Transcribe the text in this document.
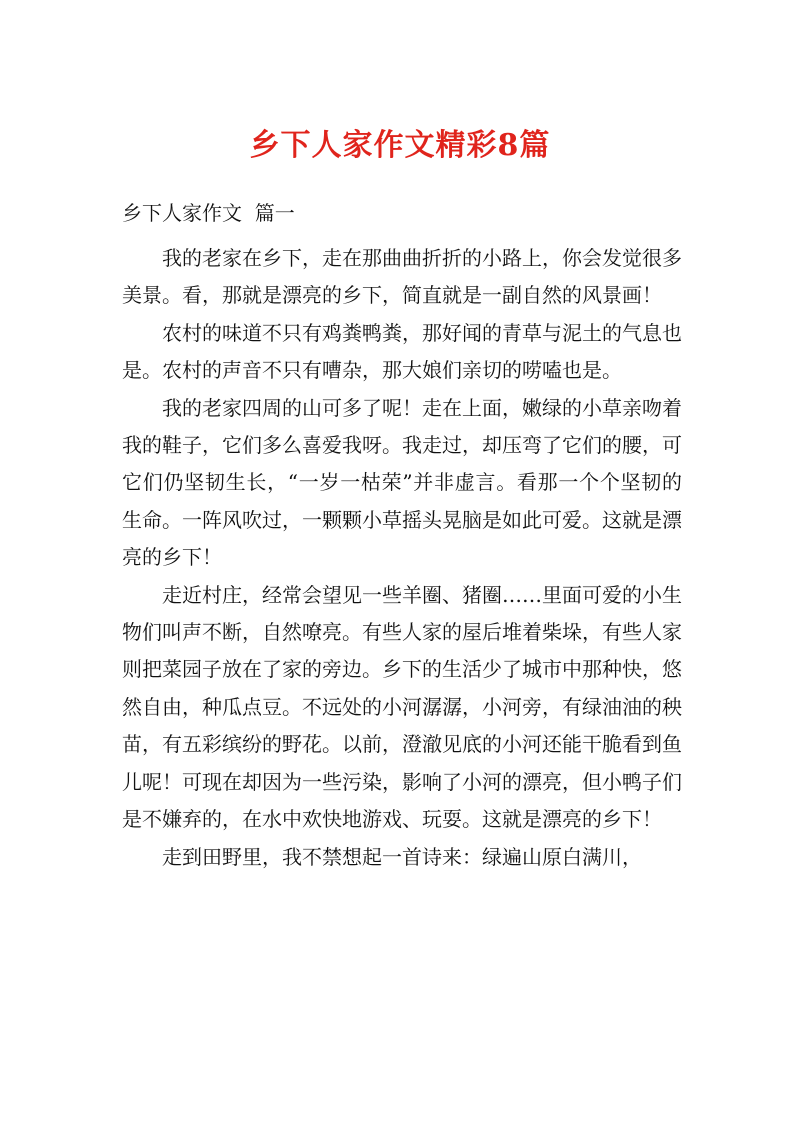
乡下人家作文精彩8篇
乡下人家作文  篇一

我的老家在乡下，走在那曲曲折折的小路上，你会发觉很多美景。看，那就是漂亮的乡下，简直就是一副自然的风景画！

农村的味道不只有鸡粪鸭粪，那好闻的青草与泥土的气息也是。农村的声音不只有嘈杂，那大娘们亲切的唠嗑也是。

我的老家四周的山可多了呢！走在上面，嫩绿的小草亲吻着我的鞋子，它们多么喜爱我呀。我走过，却压弯了它们的腰，可它们仍坚韧生长，“一岁一枯荣”并非虚言。看那一个个坚韧的生命。一阵风吹过，一颗颗小草摇头晃脑是如此可爱。这就是漂亮的乡下！

走近村庄，经常会望见一些羊圈、猪圈……里面可爱的小生物们叫声不断，自然嘹亮。有些人家的屋后堆着柴垛，有些人家则把菜园子放在了家的旁边。乡下的生活少了城市中那种快，悠然自由，种瓜点豆。不远处的小河潺潺，小河旁，有绿油油的秧苗，有五彩缤纷的野花。以前，澄澈见底的小河还能干脆看到鱼儿呢！可现在却因为一些污染，影响了小河的漂亮，但小鸭子们是不嫌弃的，在水中欢快地游戏、玩耍。这就是漂亮的乡下！

走到田野里，我不禁想起一首诗来：绿遍山原白满川，
